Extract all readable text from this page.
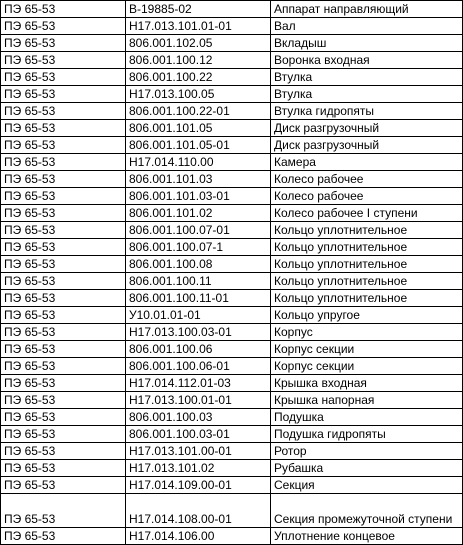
ПЭ 65-53	В-19885-02	Аппарат направляющий
ПЭ 65-53	Н17.013.101.01-01	Вал
ПЭ 65-53	806.001.102.05	Вкладыш
ПЭ 65-53	806.001.100.12	Воронка входная
ПЭ 65-53	806.001.100.22	Втулка
ПЭ 65-53	Н17.013.100.05	Втулка
ПЭ 65-53	806.001.100.22-01	Втулка гидропяты
ПЭ 65-53	806.001.101.05	Диск разгрузочный
ПЭ 65-53	806.001.101.05-01	Диск разгрузочный
ПЭ 65-53	Н17.014.110.00	Камера
ПЭ 65-53	806.001.101.03	Колесо рабочее
ПЭ 65-53	806.001.101.03-01	Колесо рабочее
ПЭ 65-53	806.001.101.02	Колесо рабочее I ступени
ПЭ 65-53	806.001.100.07-01	Кольцо уплотнительное
ПЭ 65-53	806.001.100.07-1	Кольцо уплотнительное
ПЭ 65-53	806.001.100.08	Кольцо уплотнительное
ПЭ 65-53	806.001.100.11	Кольцо уплотнительное
ПЭ 65-53	806.001.100.11-01	Кольцо уплотнительное
ПЭ 65-53	У10.01.01-01	Кольцо упругое
ПЭ 65-53	Н17.013.100.03-01	Корпус
ПЭ 65-53	806.001.100.06	Корпус секции
ПЭ 65-53	806.001.100.06-01	Корпус секции
ПЭ 65-53	Н17.014.112.01-03	Крышка входная
ПЭ 65-53	Н17.013.100.01-01	Крышка напорная
ПЭ 65-53	806.001.100.03	Подушка
ПЭ 65-53	806.001.100.03-01	Подушка гидропяты
ПЭ 65-53	Н17.013.101.00-01	Ротор
ПЭ 65-53	Н17.013.101.02	Рубашка
ПЭ 65-53	Н17.014.109.00-01	Секция
ПЭ 65-53	Н17.014.108.00-01	Секция промежуточной ступени
ПЭ 65-53	Н17.014.106.00	Уплотнение концевое
